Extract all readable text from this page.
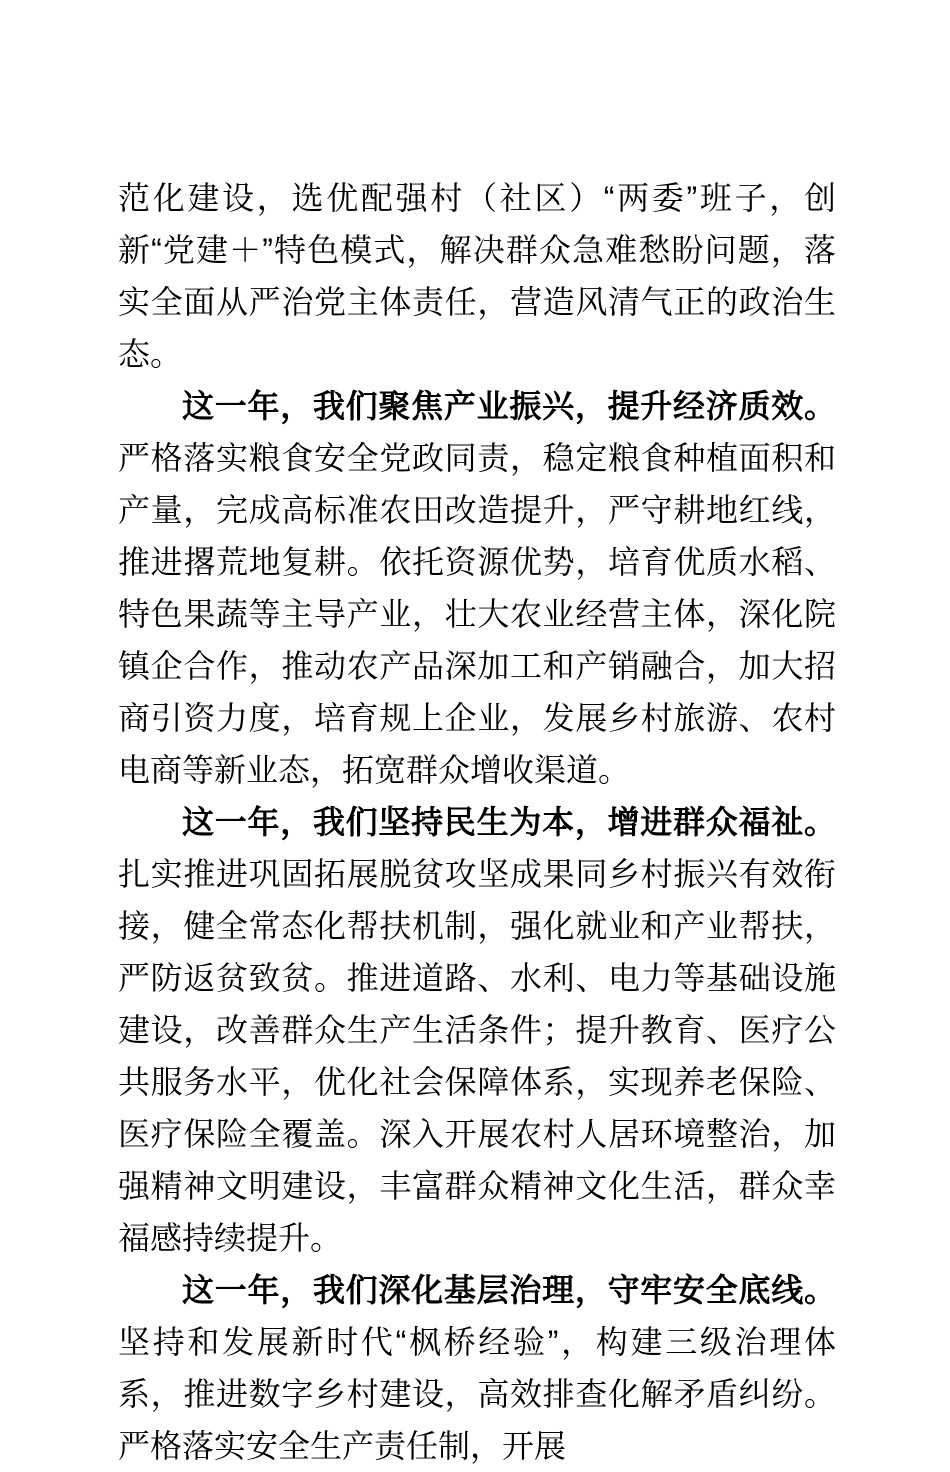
范化建设，选优配强村（社区）“两委”班子，创新“党建＋”特色模式，解决群众急难愁盼问题，落实全面从严治党主体责任，营造风清气正的政治生态。

这一年，我们聚焦产业振兴，提升经济质效。严格落实粮食安全党政同责，稳定粮食种植面积和产量，完成高标准农田改造提升，严守耕地红线，推进撂荒地复耕。依托资源优势，培育优质水稻、特色果蔬等主导产业，壮大农业经营主体，深化院镇企合作，推动农产品深加工和产销融合，加大招商引资力度，培育规上企业，发展乡村旅游、农村电商等新业态，拓宽群众增收渠道。

这一年，我们坚持民生为本，增进群众福祉。扎实推进巩固拓展脱贫攻坚成果同乡村振兴有效衔接，健全常态化帮扶机制，强化就业和产业帮扶，严防返贫致贫。推进道路、水利、电力等基础设施建设，改善群众生产生活条件；提升教育、医疗公共服务水平，优化社会保障体系，实现养老保险、医疗保险全覆盖。深入开展农村人居环境整治，加强精神文明建设，丰富群众精神文化生活，群众幸福感持续提升。

这一年，我们深化基层治理，守牢安全底线。坚持和发展新时代“枫桥经验”，构建三级治理体系，推进数字乡村建设，高效排查化解矛盾纠纷。严格落实安全生产责任制，开展
